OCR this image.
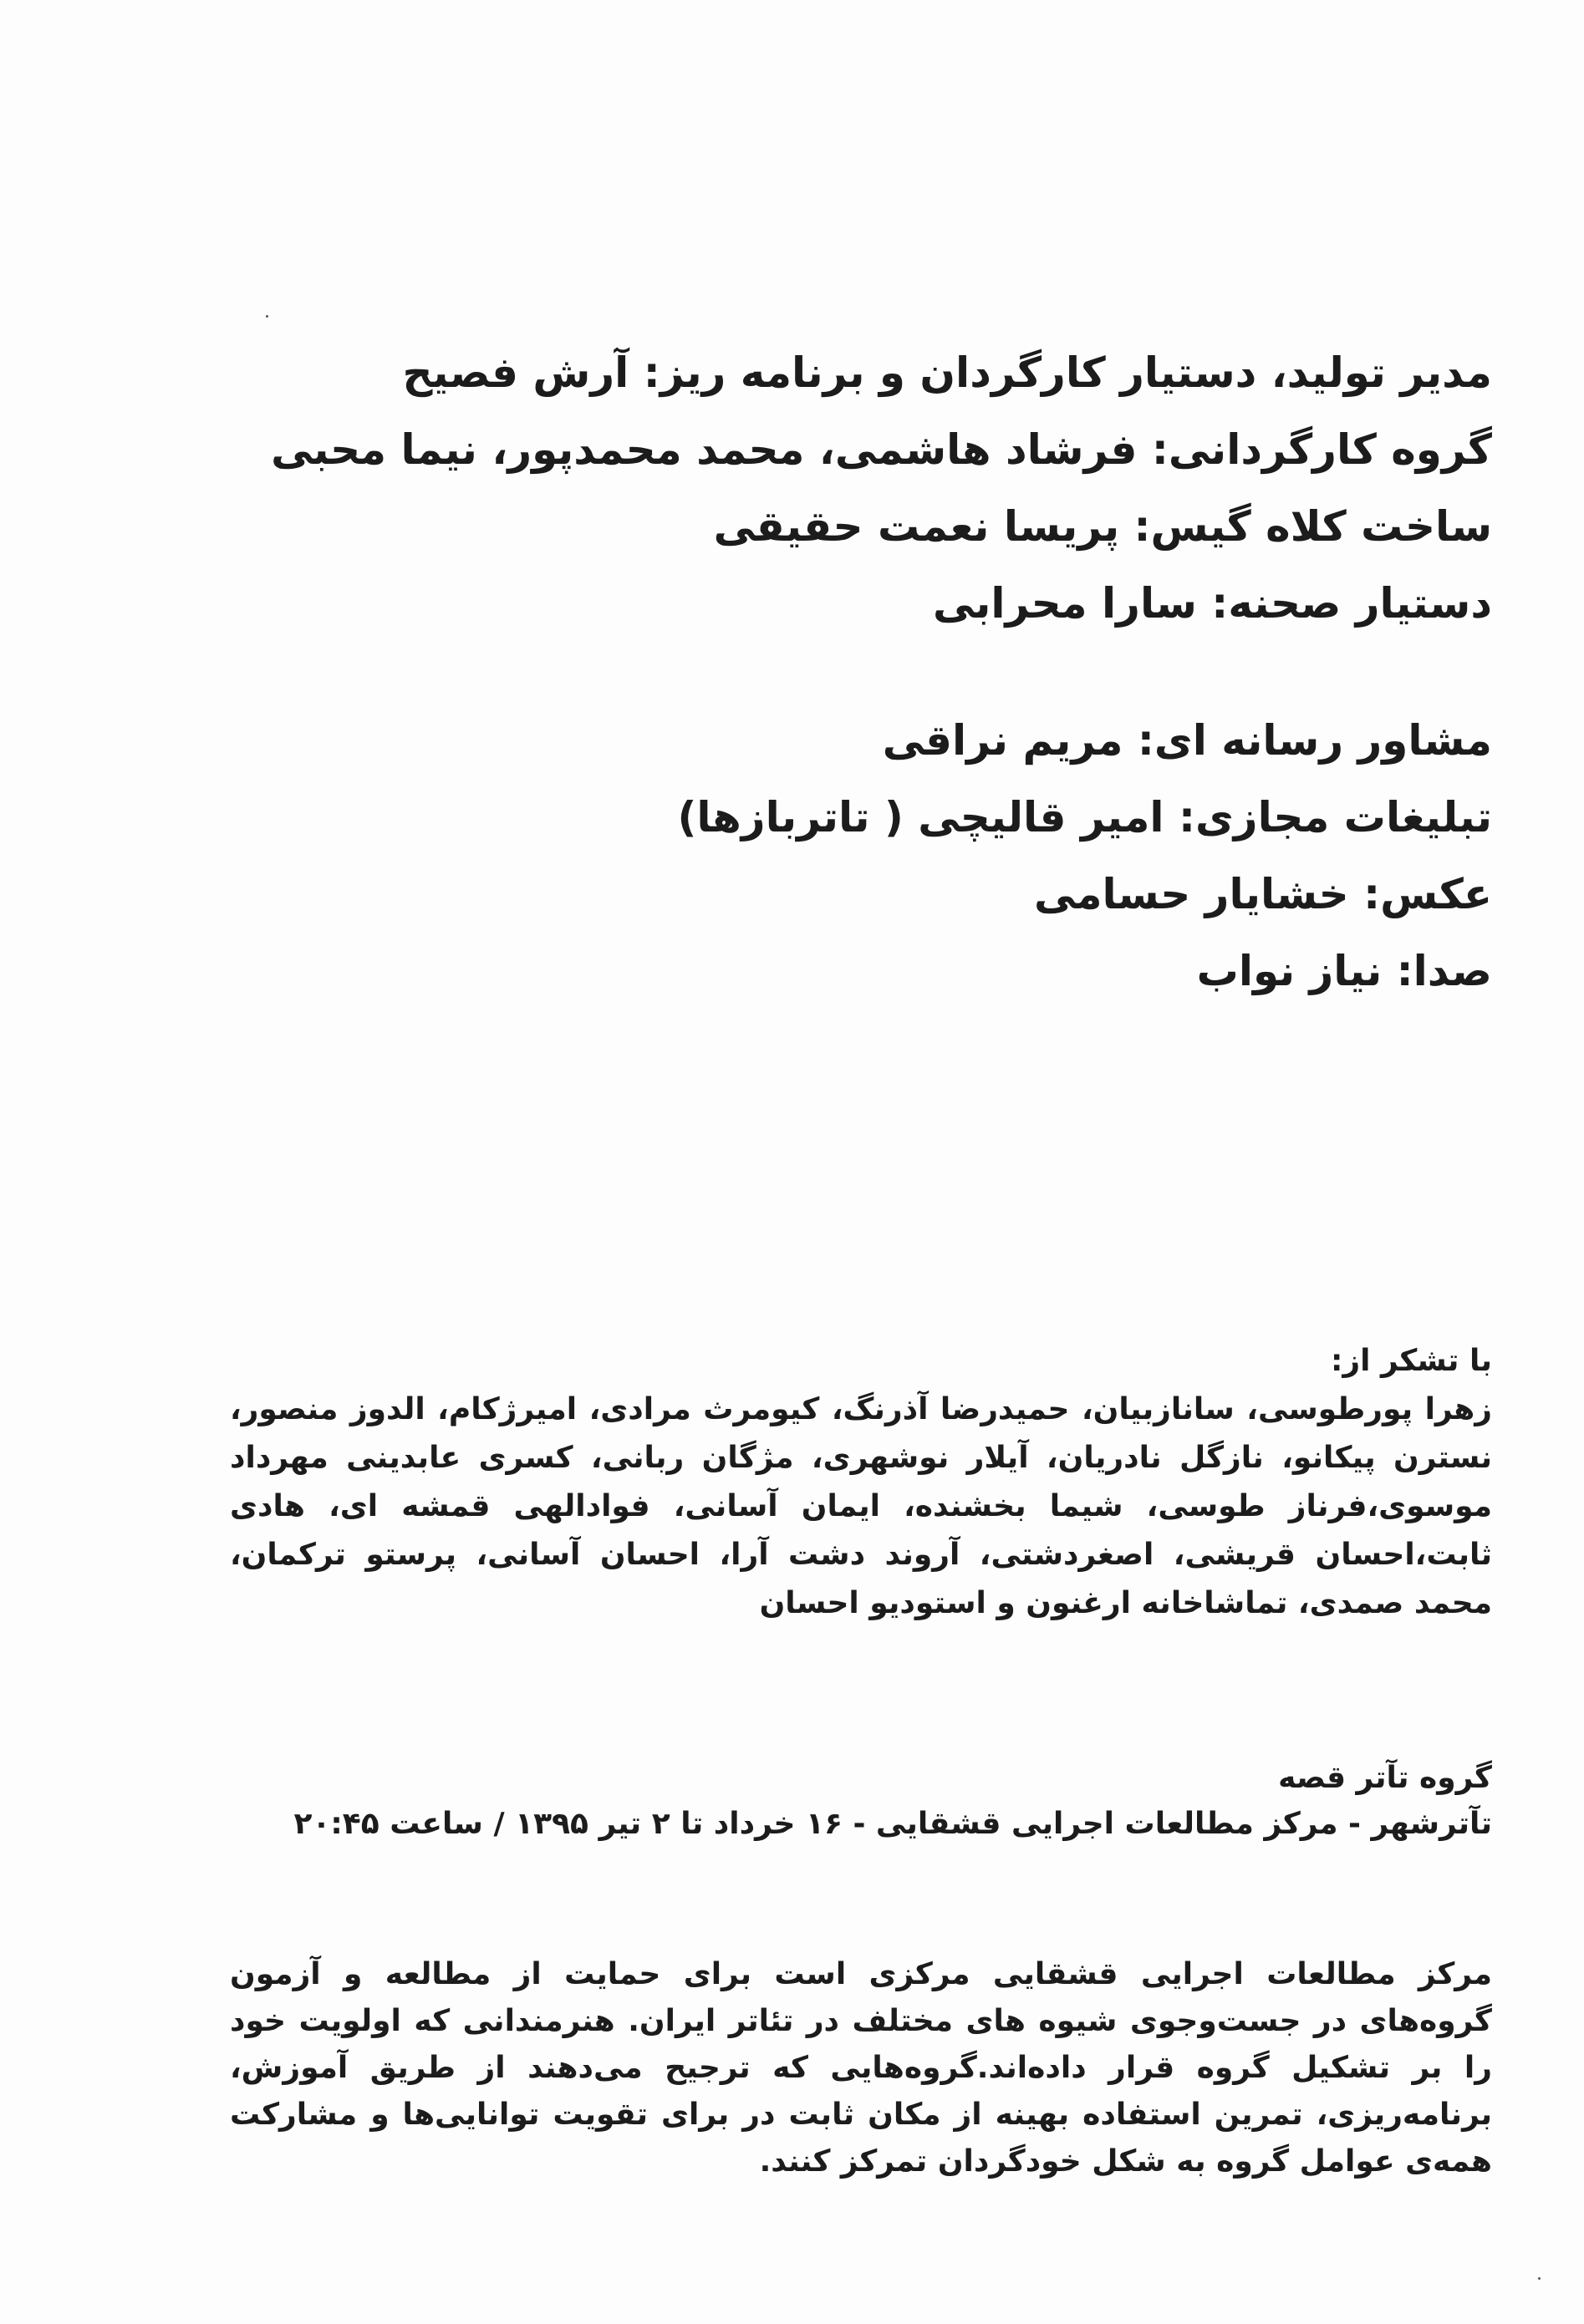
مدیر تولید، دستیار کارگردان و برنامه ریز: آرش فصیح
گروه کارگردانی: فرشاد هاشمی، محمد محمدپور، نیما محبی
ساخت کلاه گیس: پریسا نعمت حقیقی
دستیار صحنه: سارا محرابی
مشاور رسانه ای: مریم نراقی
تبلیغات مجازی: امیر قالیچی ( تاتربازها)
عکس: خشایار حسامی
صدا: نیاز نواب
با تشکر از:
زهرا پورطوسی، سانازبیان، حمیدرضا آذرنگ، کیومرث مرادی، امیرژکام، الدوز منصور، نسترن پیکانو، نازگل نادریان، آیلار نوشهری، مژگان ربانی، کسری عابدینی مهرداد موسوی،فرناز طوسی، شیما بخشنده، ایمان آسانی، فوادالهی قمشه ای، هادی ثابت،احسان قریشی، اصغردشتی، آروند دشت آرا، احسان آسانی، پرستو ترکمان، محمد صمدی، تماشاخانه ارغنون و استودیو احسان
گروه تآتر قصه
تآترشهر - مرکز مطالعات اجرایی قشقایی - ۱۶ خرداد تا ۲ تیر ۱۳۹۵ / ساعت ۲۰:۴۵
مرکز مطالعات اجرایی قشقایی مرکزی است برای حمایت از مطالعه و آزمون گروه‌های در جست‌وجوی شیوه های مختلف در تئاتر ایران. هنرمندانی که اولویت خود را بر تشکیل گروه قرار داده‌اند.گروه‌هایی که ترجیح می‌دهند از طریق آموزش، برنامه‌ریزی، تمرین استفاده بهینه از مکان ثابت در برای تقویت توانایی‌ها و مشارکت همه‌ی عوامل گروه به شکل خودگردان تمرکز کنند.
